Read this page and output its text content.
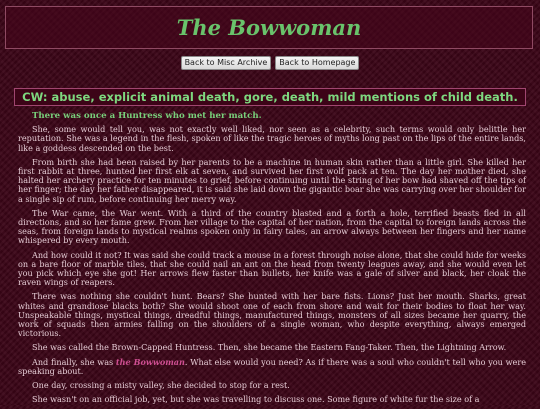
The Bowwoman
Back to Misc Archive	Back to Homepage
CW: abuse, explicit animal death, gore, death, mild mentions of child death.

There was once a Huntress who met her match.

She, some would tell you, was not exactly well liked, nor seen as a celebrity, such terms would only belittle her reputation. She was a legend in the flesh, spoken of like the tragic heroes of myths long past on the lips of the entire lands, like a goddess descended on the best.

From birth she had been raised by her parents to be a machine in human skin rather than a little girl. She killed her first rabbit at three, hunted her first elk at seven, and survived her first wolf pack at ten. The day her mother died, she halted her archery practice for ten minutes to grief, before continuing until the string of her bow had shaved off the tips of her finger; the day her father disappeared, it is said she laid down the gigantic boar she was carrying over her shoulder for a single sip of rum, before continuing her merry way.

The War came, the War went. With a third of the country blasted and a forth a hole, terrified beasts fled in all directions, and so her fame grew. From her village to the capital of her nation, from the capital to foreign lands across the seas, from foreign lands to mystical realms spoken only in fairy tales, an arrow always between her fingers and her name whispered by every mouth.

And how could it not? It was said she could track a mouse in a forest through noise alone, that she could hide for weeks on a bare floor of marble tiles, that she could nail an ant on the head from twenty leagues away, and she would even let you pick which eye she got! Her arrows flew faster than bullets, her knife was a gale of silver and black, her cloak the raven wings of reapers.

There was nothing she couldn't hunt. Bears? She hunted with her bare fists. Lions? Just her mouth. Sharks, great whites and grandiose blacks both? She would shoot one of each from shore and wait for their bodies to float her way. Unspeakable things, mystical things, dreadful things, manufactured things, monsters of all sizes became her quarry, the work of squads then armies falling on the shoulders of a single woman, who despite everything, always emerged victorious.

She was called the Brown-Capped Huntress. Then, she became the Eastern Fang-Taker. Then, the Lightning Arrow.

And finally, she was the Bowwoman. What else would you need? As if there was a soul who couldn't tell who you were speaking about.

One day, crossing a misty valley, she decided to stop for a rest.

She wasn't on an official job, yet, but she was travelling to discuss one. Some figure of white fur the size of a
